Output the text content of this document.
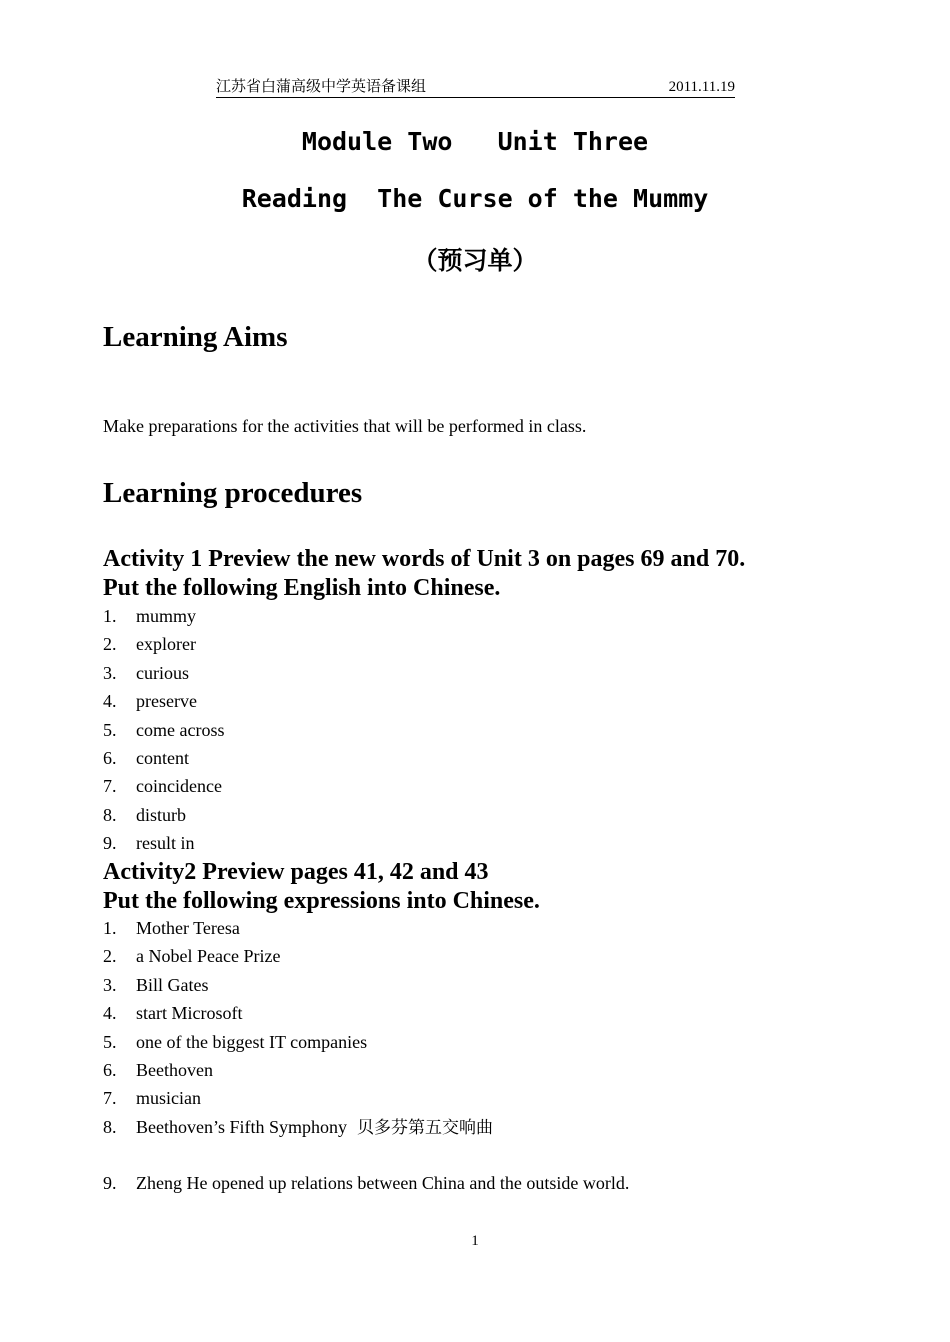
江苏省白蒲高级中学英语备课组	2011.11.19
Module Two   Unit Three
Reading  The Curse of the Mummy
（预习单）
Learning Aims
Make preparations for the activities that will be performed in class.
Learning procedures
Activity 1 Preview the new words of Unit 3 on pages 69 and 70.
Put the following English into Chinese.
1. mummy
2. explorer
3. curious
4. preserve
5. come across
6. content
7. coincidence
8. disturb
9. result in
Activity2 Preview pages 41, 42 and 43
Put the following expressions into Chinese.
1. Mother Teresa
2. a Nobel Peace Prize
3. Bill Gates
4. start Microsoft
5. one of the biggest IT companies
6. Beethoven
7. musician
8. Beethoven’s Fifth Symphony 贝多芬第五交响曲
9. Zheng He opened up relations between China and the outside world.
1
